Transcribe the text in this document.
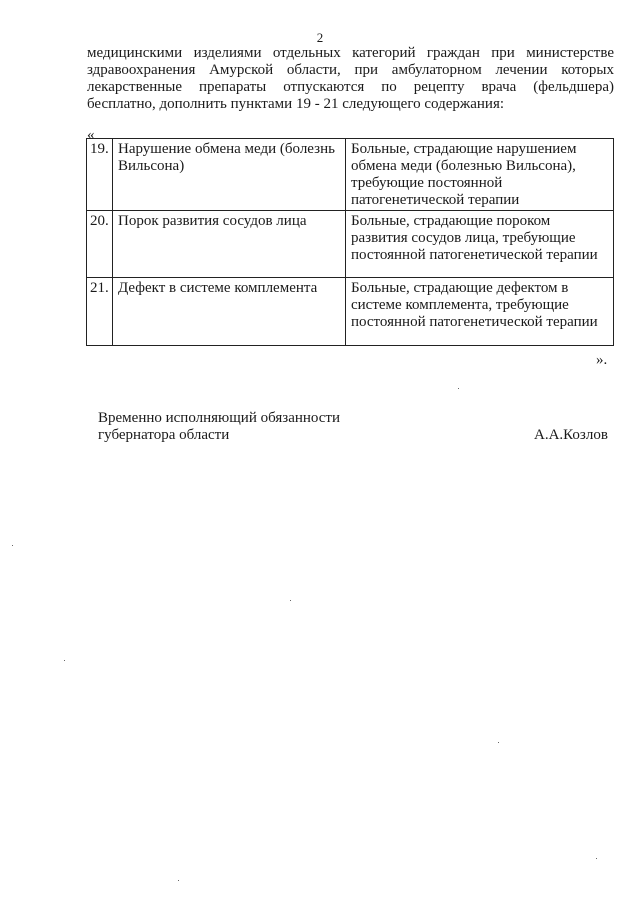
2
медицинскими изделиями отдельных категорий граждан при министерстве
здравоохранения Амурской области, при амбулаторном лечении которых
лекарственные препараты отпускаются по рецепту врача (фельдшера)
бесплатно, дополнить пунктами 19 - 21 следующего содержания:
«
19.	Нарушение обмена меди (болезнь Вильсона)	Больные, страдающие нарушением обмена меди (болезнью Вильсона), требующие постоянной патогенетической терапии
20.	Порок развития сосудов лица	Больные, страдающие пороком развития сосудов лица, требующие постоянной патогенетической терапии
21.	Дефект в системе комплемента	Больные, страдающие дефектом в системе комплемента, требующие постоянной патогенетической терапии
».
Временно исполняющий обязанности
губернатора области	А.А.Козлов
